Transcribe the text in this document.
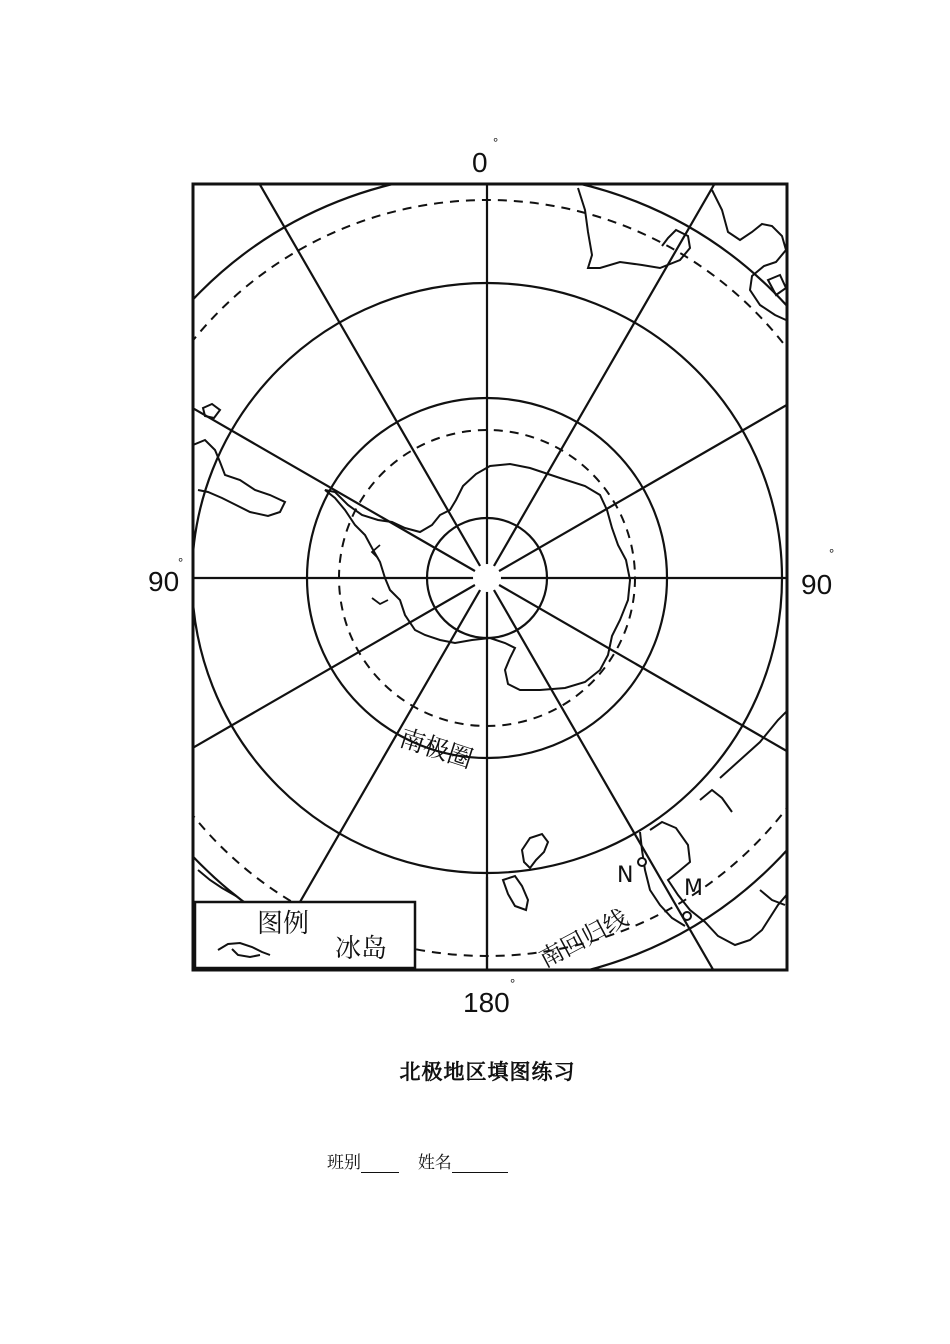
0
°
90
°
90
°
180
°
N
M
南极圈
南回归线
图例
冰岛
北极地区填图练习
班别	姓名
